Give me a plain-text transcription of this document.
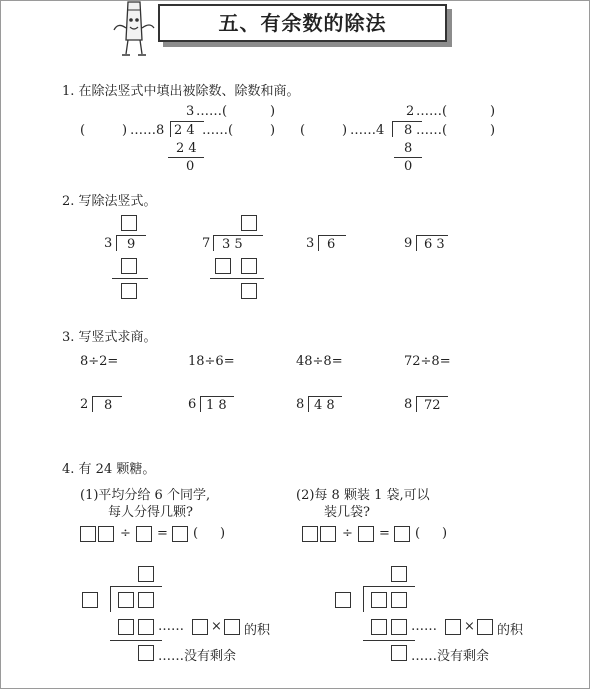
五、有余数的除法
1. 在除法竖式中填出被除数、除数和商。
3 ……(	)
(	) ……8 2 4 ……(	)
2 4
0
2 ……(	)
(	) ……4 8 ……(	)
8
0
2. 写除法竖式。
3 9	7 3 5	3 6	9 6 3
3. 写竖式求商。
8÷2=	18÷6=	48÷8=	72÷8=
2 8	6 1 8	8 4 8	8 72
4. 有 24 颗糖。
(1)平均分给 6 个同学,
每人分得几颗?
(2)每 8 颗装 1 袋,可以
装几袋?
÷ = ( )	÷ = ( )
…… × 的积
……没有剩余
…… × 的积
……没有剩余
